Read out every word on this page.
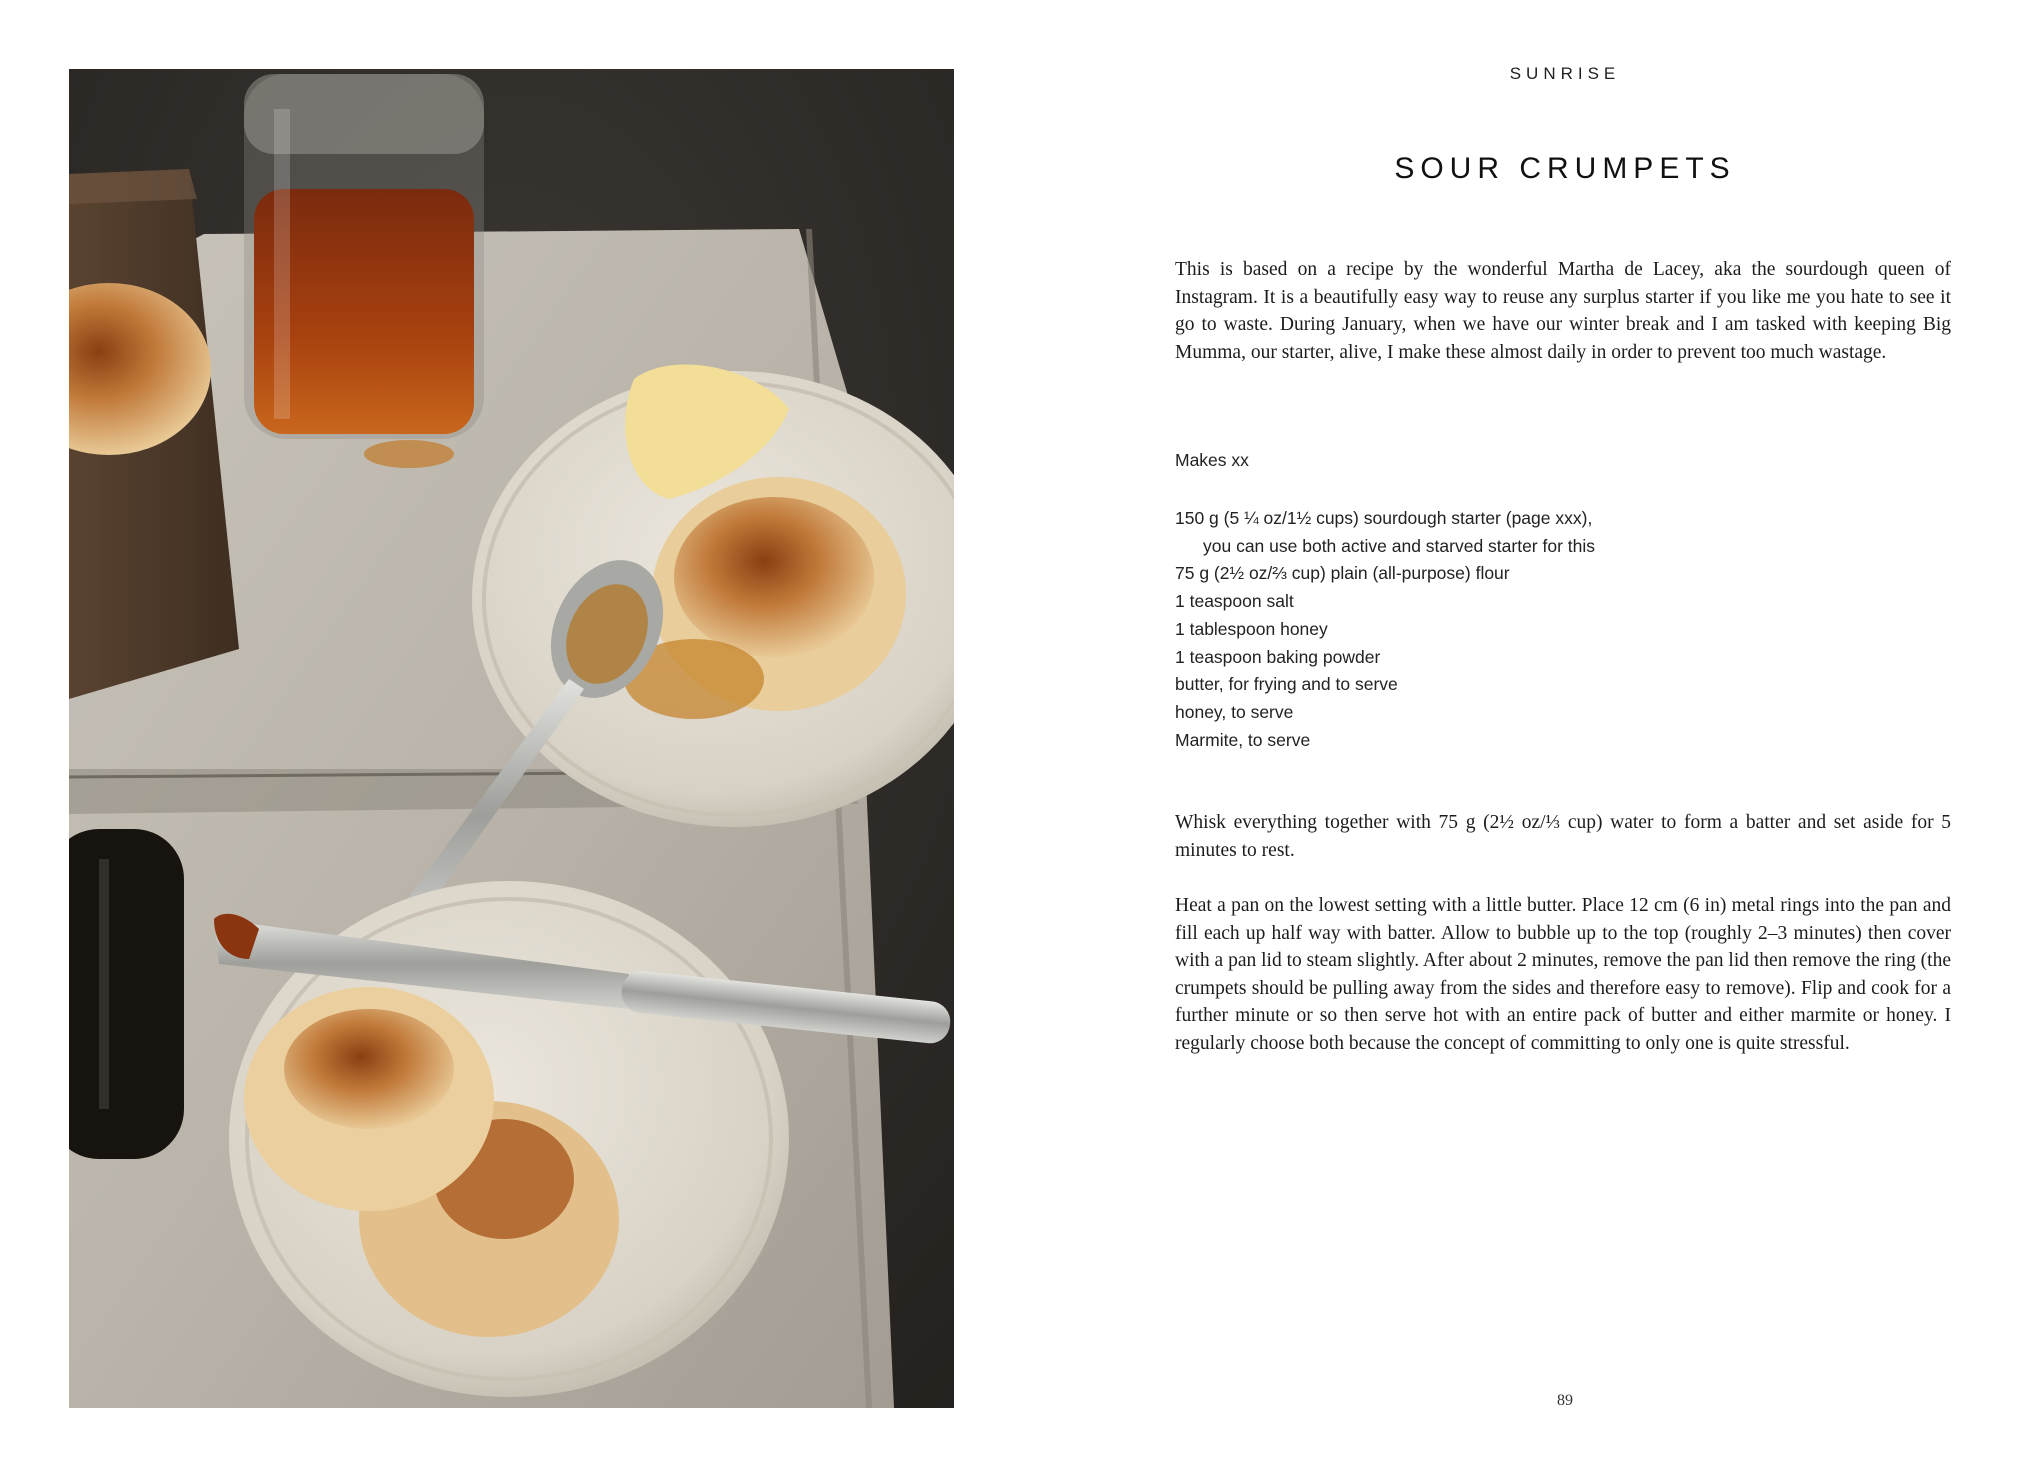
SUNRISE
SOUR CRUMPETS

This is based on a recipe by the wonderful Martha de Lacey, aka the sourdough queen of Instagram. It is a beautifully easy way to reuse any surplus starter if you like me you hate to see it go to waste. During January, when we have our winter break and I am tasked with keeping Big Mumma, our starter, alive, I make these almost daily in order to prevent too much wastage.

Makes xx
150 g (5 ¼ oz/1½ cups) sourdough starter (page xxx),
you can use both active and starved starter for this
75 g (2½ oz/⅔ cup) plain (all-purpose) flour
1 teaspoon salt
1 tablespoon honey
1 teaspoon baking powder
butter, for frying and to serve
honey, to serve
Marmite, to serve

Whisk everything together with 75 g (2½ oz/⅓ cup) water to form a batter and set aside for 5 minutes to rest.

Heat a pan on the lowest setting with a little butter. Place 12 cm (6 in) metal rings into the pan and fill each up half way with batter. Allow to bubble up to the top (roughly 2–3 minutes) then cover with a pan lid to steam slightly. After about 2 minutes, remove the pan lid then remove the ring (the crumpets should be pulling away from the sides and therefore easy to remove). Flip and cook for a further minute or so then serve hot with an entire pack of butter and either marmite or honey. I regularly choose both because the concept of committing to only one is quite stressful.

89
